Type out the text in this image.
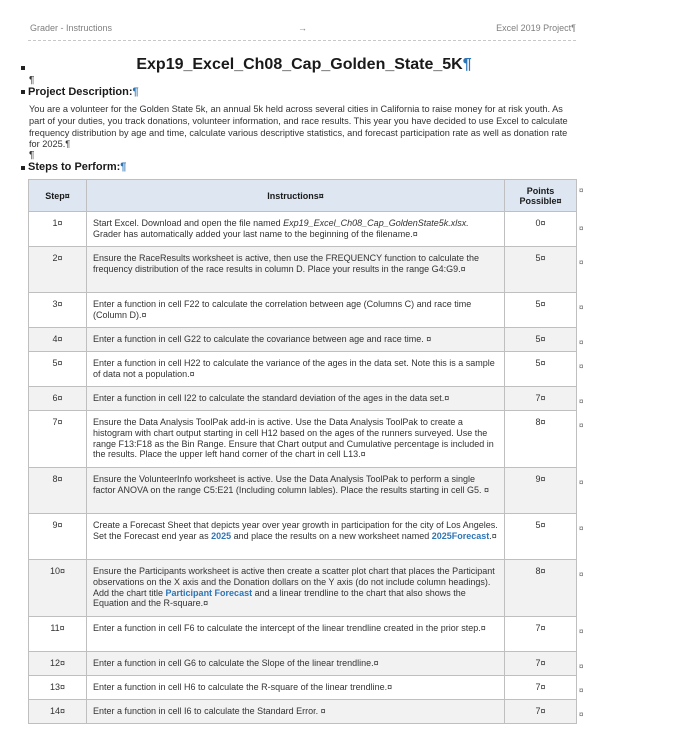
Grader - Instructions	→	Excel 2019 Project¶
Exp19_Excel_Ch08_Cap_Golden_State_5K¶
¶
Project Description:¶
You are a volunteer for the Golden State 5k, an annual 5k held across several cities in California to raise money for at risk youth. As part of your duties, you track donations, volunteer information, and race results. This year you have decided to use Excel to calculate frequency distribution by age and time, calculate various descriptive statistics, and forecast participation rate as well as donation rate for 2025.¶
¶
Steps to Perform:¶
Step¤	Instructions¤	Points Possible¤
1¤	Start Excel. Download and open the file named Exp19_Excel_Ch08_Cap_GoldenState5k.xlsx. Grader has automatically added your last name to the beginning of the filename.¤	0¤
2¤	Ensure the RaceResults worksheet is active, then use the FREQUENCY function to calculate the frequency distribution of the race results in column D. Place your results in the range G4:G9.¤	5¤
3¤	Enter a function in cell F22 to calculate the correlation between age (Columns C) and race time (Column D).¤	5¤
4¤	Enter a function in cell G22 to calculate the covariance between age and race time. ¤	5¤
5¤	Enter a function in cell H22 to calculate the variance of the ages in the data set. Note this is a sample of data not a population.¤	5¤
6¤	Enter a function in cell I22 to calculate the standard deviation of the ages in the data set.¤	7¤
7¤	Ensure the Data Analysis ToolPak add-in is active. Use the Data Analysis ToolPak to create a histogram with chart output starting in cell H12 based on the ages of the runners surveyed. Use the range F13:F18 as the Bin Range. Ensure that Chart output and Cumulative percentage is included in the results. Place the upper left hand corner of the chart in cell L13.¤	8¤
8¤	Ensure the VolunteerInfo worksheet is active. Use the Data Analysis ToolPak to perform a single factor ANOVA on the range C5:E21 (Including column lables). Place the results starting in cell G5. ¤	9¤
9¤	Create a Forecast Sheet that depicts year over year growth in participation for the city of Los Angeles. Set the Forecast end year as 2025 and place the results on a new worksheet named 2025Forecast.¤	5¤
10¤	Ensure the Participants worksheet is active then create a scatter plot chart that places the Participant observations on the X axis and the Donation dollars on the Y axis (do not include column headings). Add the chart title Participant Forecast and a linear trendline to the chart that also shows the Equation and the R-square.¤	8¤
11¤	Enter a function in cell F6 to calculate the intercept of the linear trendline created in the prior step.¤	7¤
12¤	Enter a function in cell G6 to calculate the Slope of the linear trendline.¤	7¤
13¤	Enter a function in cell H6 to calculate the R-square of the linear trendline.¤	7¤
14¤	Enter a function in cell I6 to calculate the Standard Error. ¤	7¤
¤
¤
¤
¤
¤
¤
¤
¤
¤
¤
¤
¤
¤
¤
¤
